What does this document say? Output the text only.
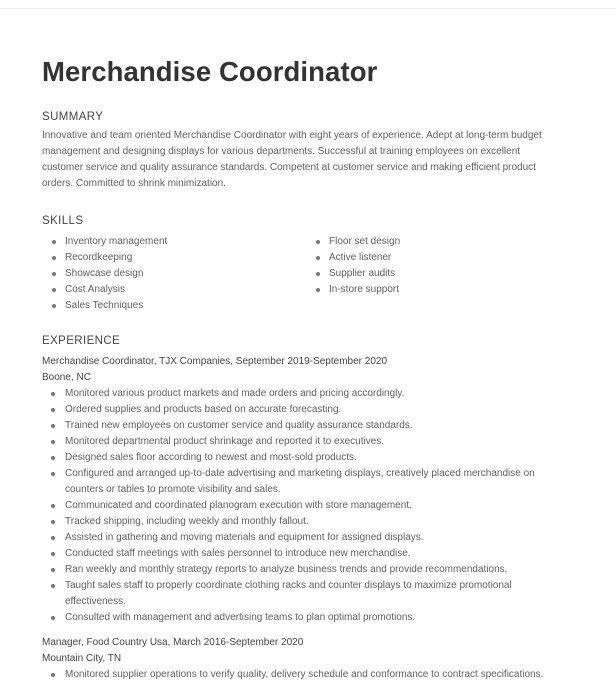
Merchandise Coordinator
SUMMARY
Innovative and team oriented Merchandise Coordinator with eight years of experience. Adept at long-term budget management and designing displays for various departments. Successful at training employees on excellent customer service and quality assurance standards. Competent at customer service and making efficient product orders. Committed to shrink minimization.
SKILLS
Inventory management
Recordkeeping
Showcase design
Cost Analysis
Sales Techniques
Floor set design
Active listener
Supplier audits
In-store support
EXPERIENCE
Merchandise Coordinator, TJX Companies, September 2019-September 2020
Boone, NC
Monitored various product markets and made orders and pricing accordingly.
Ordered supplies and products based on accurate forecasting.
Trained new employees on customer service and quality assurance standards.
Monitored departmental product shrinkage and reported it to executives.
Designed sales floor according to newest and most-sold products.
Configured and arranged up-to-date advertising and marketing displays, creatively placed merchandise on counters or tables to promote visibility and sales.
Communicated and coordinated planogram execution with store management.
Tracked shipping, including weekly and monthly fallout.
Assisted in gathering and moving materials and equipment for assigned displays.
Conducted staff meetings with sales personnel to introduce new merchandise.
Ran weekly and monthly strategy reports to analyze business trends and provide recommendations.
Taught sales staff to properly coordinate clothing racks and counter displays to maximize promotional effectiveness.
Consulted with management and advertising teams to plan optimal promotions.
Manager, Food Country Usa, March 2016-September 2020
Mountain City, TN
Monitored supplier operations to verify quality, delivery schedule and conformance to contract specifications.
